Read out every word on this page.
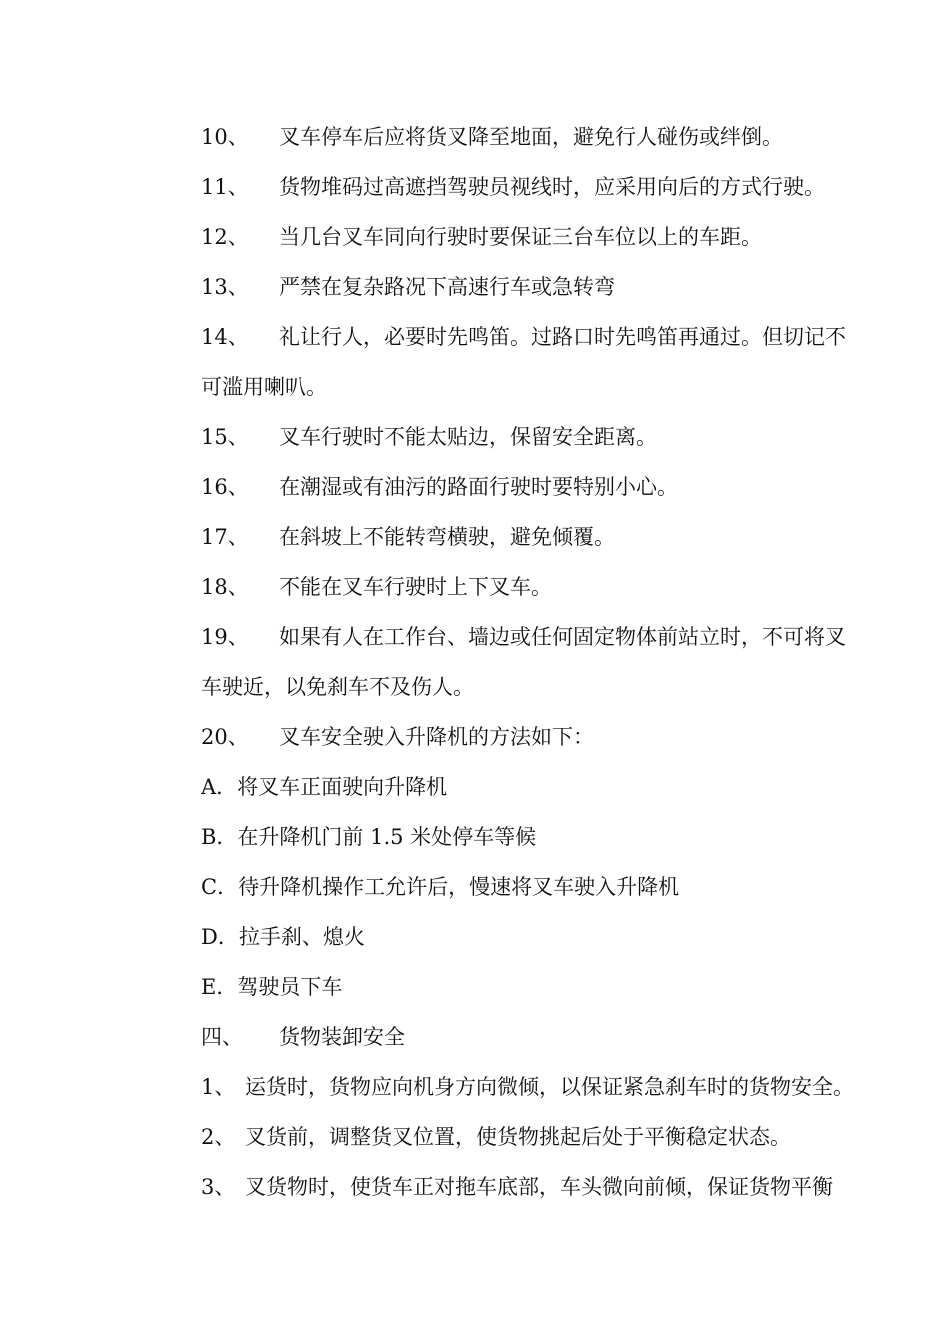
10、 叉车停车后应将货叉降至地面，避免行人碰伤或绊倒。
11、 货物堆码过高遮挡驾驶员视线时，应采用向后的方式行驶。
12、 当几台叉车同向行驶时要保证三台车位以上的车距。
13、 严禁在复杂路况下高速行车或急转弯
14、 礼让行人，必要时先鸣笛。过路口时先鸣笛再通过。但切记不
可滥用喇叭。
15、 叉车行驶时不能太贴边，保留安全距离。
16、 在潮湿或有油污的路面行驶时要特别小心。
17、 在斜坡上不能转弯横驶，避免倾覆。
18、 不能在叉车行驶时上下叉车。
19、 如果有人在工作台、墙边或任何固定物体前站立时，不可将叉
车驶近，以免刹车不及伤人。
20、 叉车安全驶入升降机的方法如下：
A．将叉车正面驶向升降机
B．在升降机门前 1.5 米处停车等候
C．待升降机操作工允许后，慢速将叉车驶入升降机
D．拉手刹、熄火
E．驾驶员下车
四、 货物装卸安全
1、 运货时，货物应向机身方向微倾，以保证紧急刹车时的货物安全。
2、 叉货前，调整货叉位置，使货物挑起后处于平衡稳定状态。
3、 叉货物时，使货车正对拖车底部，车头微向前倾，保证货物平衡
